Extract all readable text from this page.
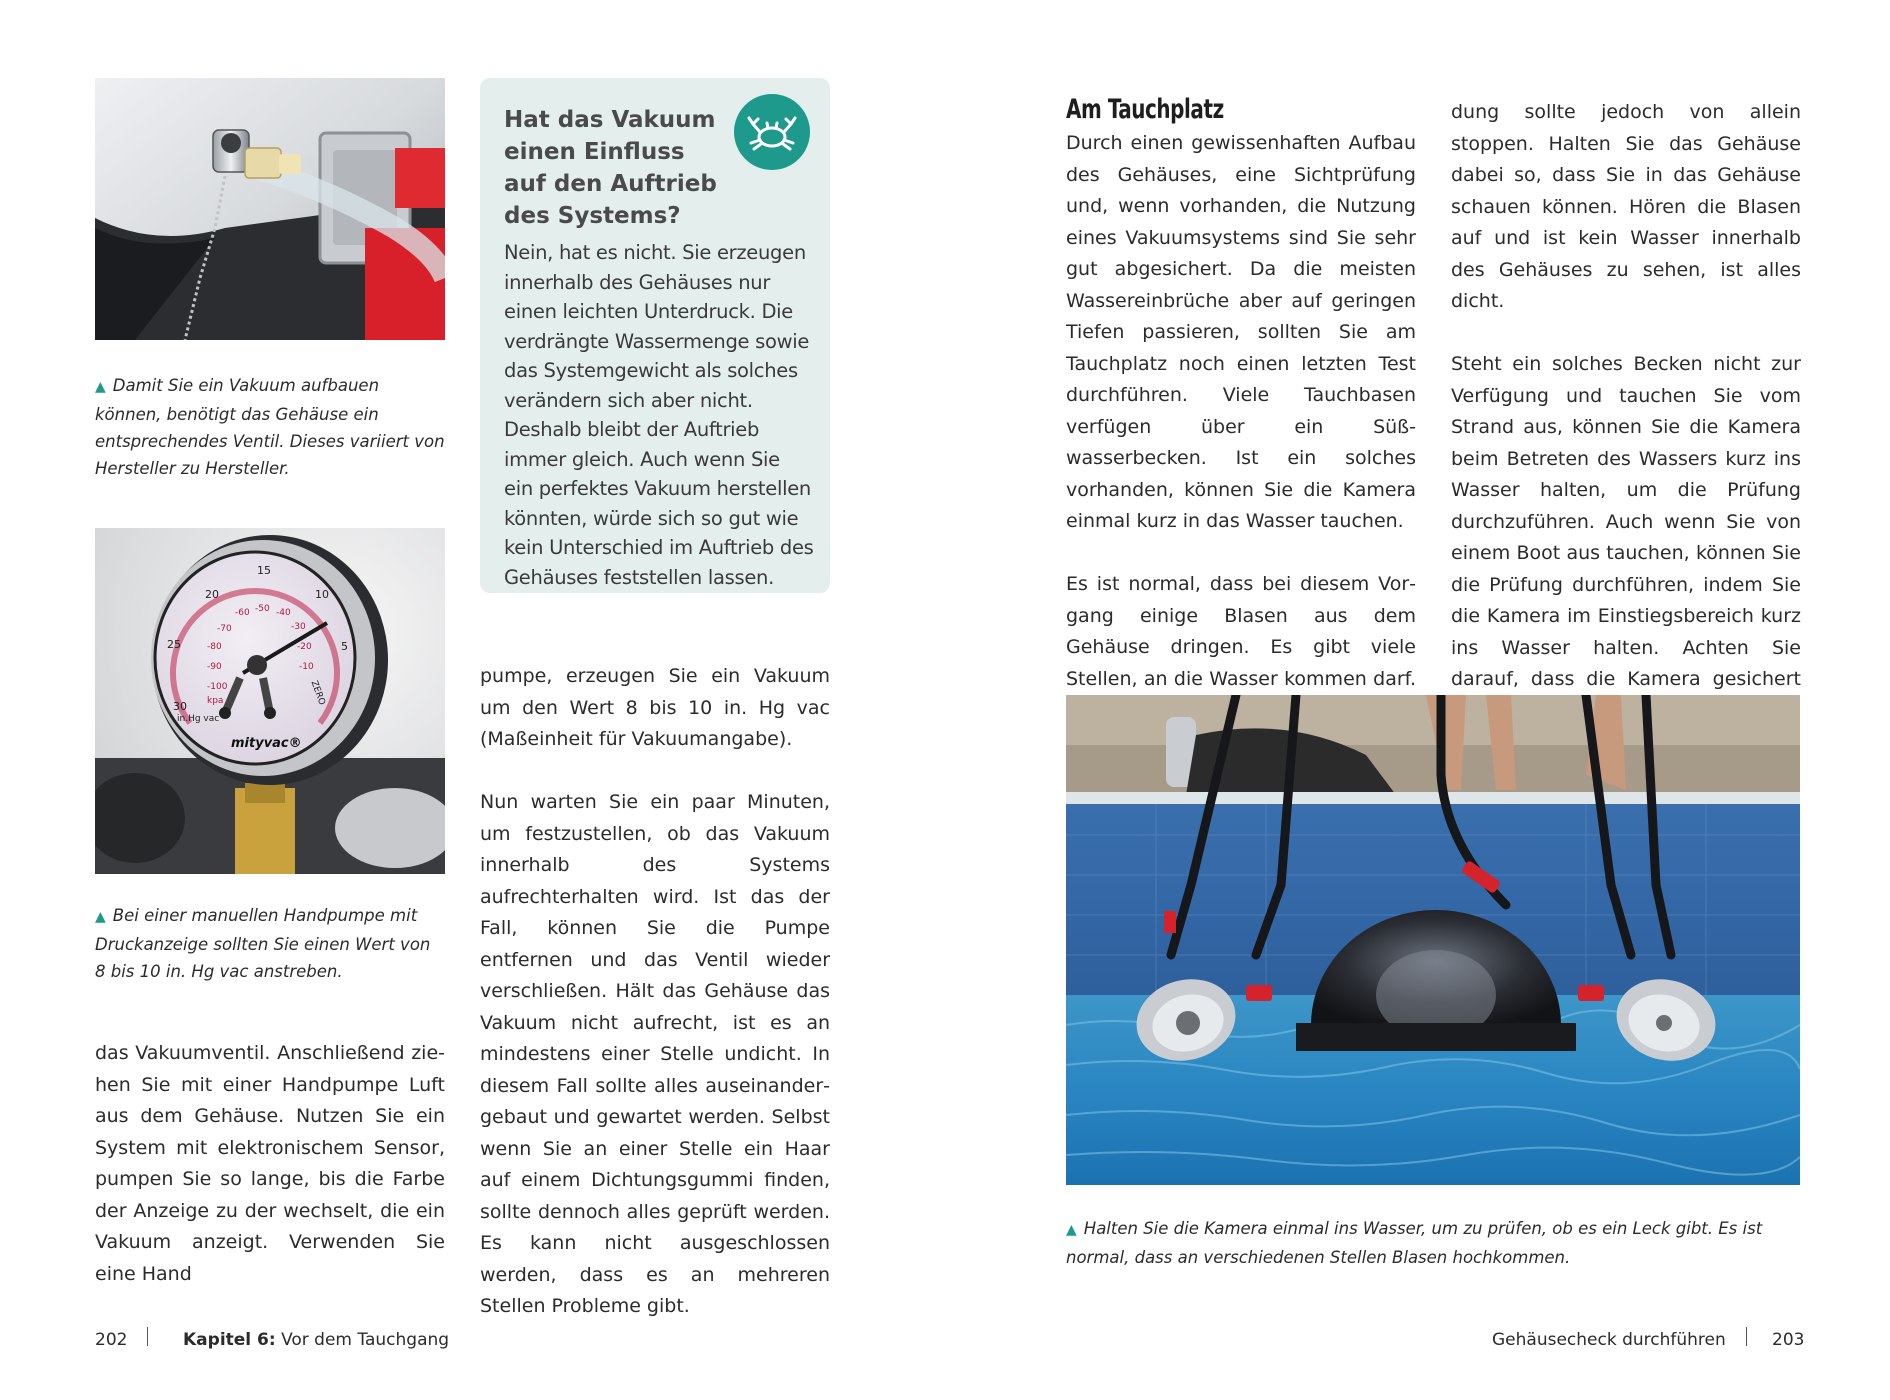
▲ Damit Sie ein Vakuum aufbauen können, benötigt das Gehäuse ein entsprechendes Ventil. Dieses variiert von Hersteller zu Hersteller.
15
20	10
25	5
30
-60 -50 -40
-70	-30
-80	-20
-90	-10
-100
kpa	ZERO
in.Hg vac
mityvac®
▲ Bei einer manuellen Handpumpe mit Druckanzeige sollten Sie einen Wert von 8 bis 10 in. Hg vac anstreben.

das Vakuumventil. Anschließend ziehen Sie mit einer Handpumpe Luft aus dem Gehäuse. Nutzen Sie ein System mit elektronischem Sensor, pumpen Sie so lange, bis die Farbe der Anzeige zu der wechselt, die ein Vakuum anzeigt. Verwenden Sie eine Hand

Hat das Vakuum einen Einfluss auf den Auftrieb des Systems?
Nein, hat es nicht. Sie erzeugen innerhalb des Gehäuses nur einen leichten Unterdruck. Die verdrängte Wassermenge sowie das Systemgewicht als solches verändern sich aber nicht. Deshalb bleibt der Auftrieb immer gleich. Auch wenn Sie ein perfektes Vakuum herstellen könnten, würde sich so gut wie kein Unterschied im Auftrieb des Gehäuses feststellen lassen.

pumpe, erzeugen Sie ein Vakuum um den Wert 8 bis 10 in. Hg vac (Maßeinheit für Vakuumangabe).

Nun warten Sie ein paar Minuten, um festzustellen, ob das Vakuum innerhalb des Systems aufrechterhalten wird. Ist das der Fall, können Sie die Pumpe entfernen und das Ventil wieder verschließen. Hält das Gehäuse das Vakuum nicht aufrecht, ist es an mindestens einer Stelle undicht. In diesem Fall sollte alles auseinandergebaut und gewartet werden. Selbst wenn Sie an einer Stelle ein Haar auf einem Dichtungsgummi finden, sollte dennoch alles geprüft werden. Es kann nicht ausgeschlossen werden, dass es an mehreren Stellen Probleme gibt.

202	Kapitel 6: Vor dem Tauchgang
Am Tauchplatz

Durch einen gewissenhaften Aufbau des Gehäuses, eine Sichtprüfung und, wenn vorhanden, die Nutzung eines Vakuumsystems sind Sie sehr gut abgesichert. Da die meisten Wassereinbrüche aber auf geringen Tiefen passieren, sollten Sie am Tauchplatz noch einen letzten Test durchführen. Viele Tauchbasen verfügen über ein Süßwasserbecken. Ist ein solches vorhanden, können Sie die Kamera einmal kurz in das Wasser tauchen.

Es ist normal, dass bei diesem Vorgang einige Blasen aus dem Gehäuse dringen. Es gibt viele Stellen, an die Wasser kommen darf.

dung sollte jedoch von allein stoppen. Halten Sie das Gehäuse dabei so, dass Sie in das Gehäuse schauen können. Hören die Blasen auf und ist kein Wasser innerhalb des Gehäuses zu sehen, ist alles dicht.

Steht ein solches Becken nicht zur Verfügung und tauchen Sie vom Strand aus, können Sie die Kamera beim Betreten des Wassers kurz ins Wasser halten, um die Prüfung durchzuführen. Auch wenn Sie von einem Boot aus tauchen, können Sie die Prüfung durchführen, indem Sie die Kamera im Einstiegsbereich kurz ins Wasser halten. Achten Sie darauf, dass die Kamera gesichert

▲ Halten Sie die Kamera einmal ins Wasser, um zu prüfen, ob es ein Leck gibt. Es ist normal, dass an verschiedenen Stellen Blasen hochkommen.
Gehäusecheck durchführen	203
